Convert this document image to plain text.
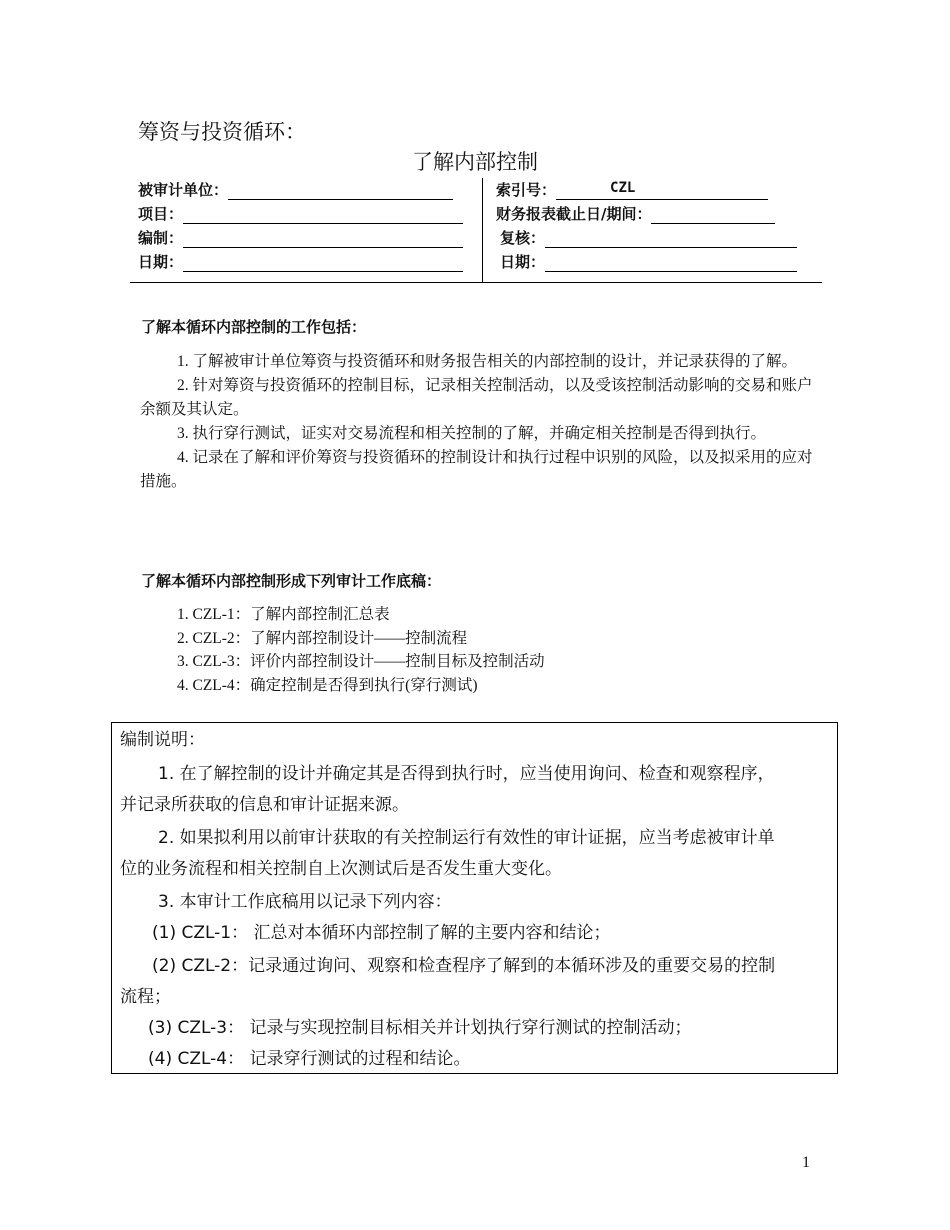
筹资与投资循环：
了解内部控制
被审计单位：
项目：
编制：
日期：
索引号：	CZL
财务报表截止日/期间：
复核：
日期：
了解本循环内部控制的工作包括：

1. 了解被审计单位筹资与投资循环和财务报告相关的内部控制的设计，并记录获得的了解。

2. 针对筹资与投资循环的控制目标，记录相关控制活动，以及受该控制活动影响的交易和账户余额及其认定。

3. 执行穿行测试，证实对交易流程和相关控制的了解，并确定相关控制是否得到执行。

4. 记录在了解和评价筹资与投资循环的控制设计和执行过程中识别的风险，以及拟采用的应对措施。

了解本循环内部控制形成下列审计工作底稿：
1. CZL-1：了解内部控制汇总表
2. CZL-2：了解内部控制设计——控制流程
3. CZL-3：评价内部控制设计——控制目标及控制活动
4. CZL-4：确定控制是否得到执行(穿行测试)
编制说明：
1. 在了解控制的设计并确定其是否得到执行时，应当使用询问、检查和观察程序，
并记录所获取的信息和审计证据来源。
2. 如果拟利用以前审计获取的有关控制运行有效性的审计证据，应当考虑被审计单
位的业务流程和相关控制自上次测试后是否发生重大变化。
3. 本审计工作底稿用以记录下列内容：
(1) CZL-1： 汇总对本循环内部控制了解的主要内容和结论；
(2) CZL-2：记录通过询问、观察和检查程序了解到的本循环涉及的重要交易的控制
流程；
(3) CZL-3： 记录与实现控制目标相关并计划执行穿行测试的控制活动；
(4) CZL-4： 记录穿行测试的过程和结论。
1
